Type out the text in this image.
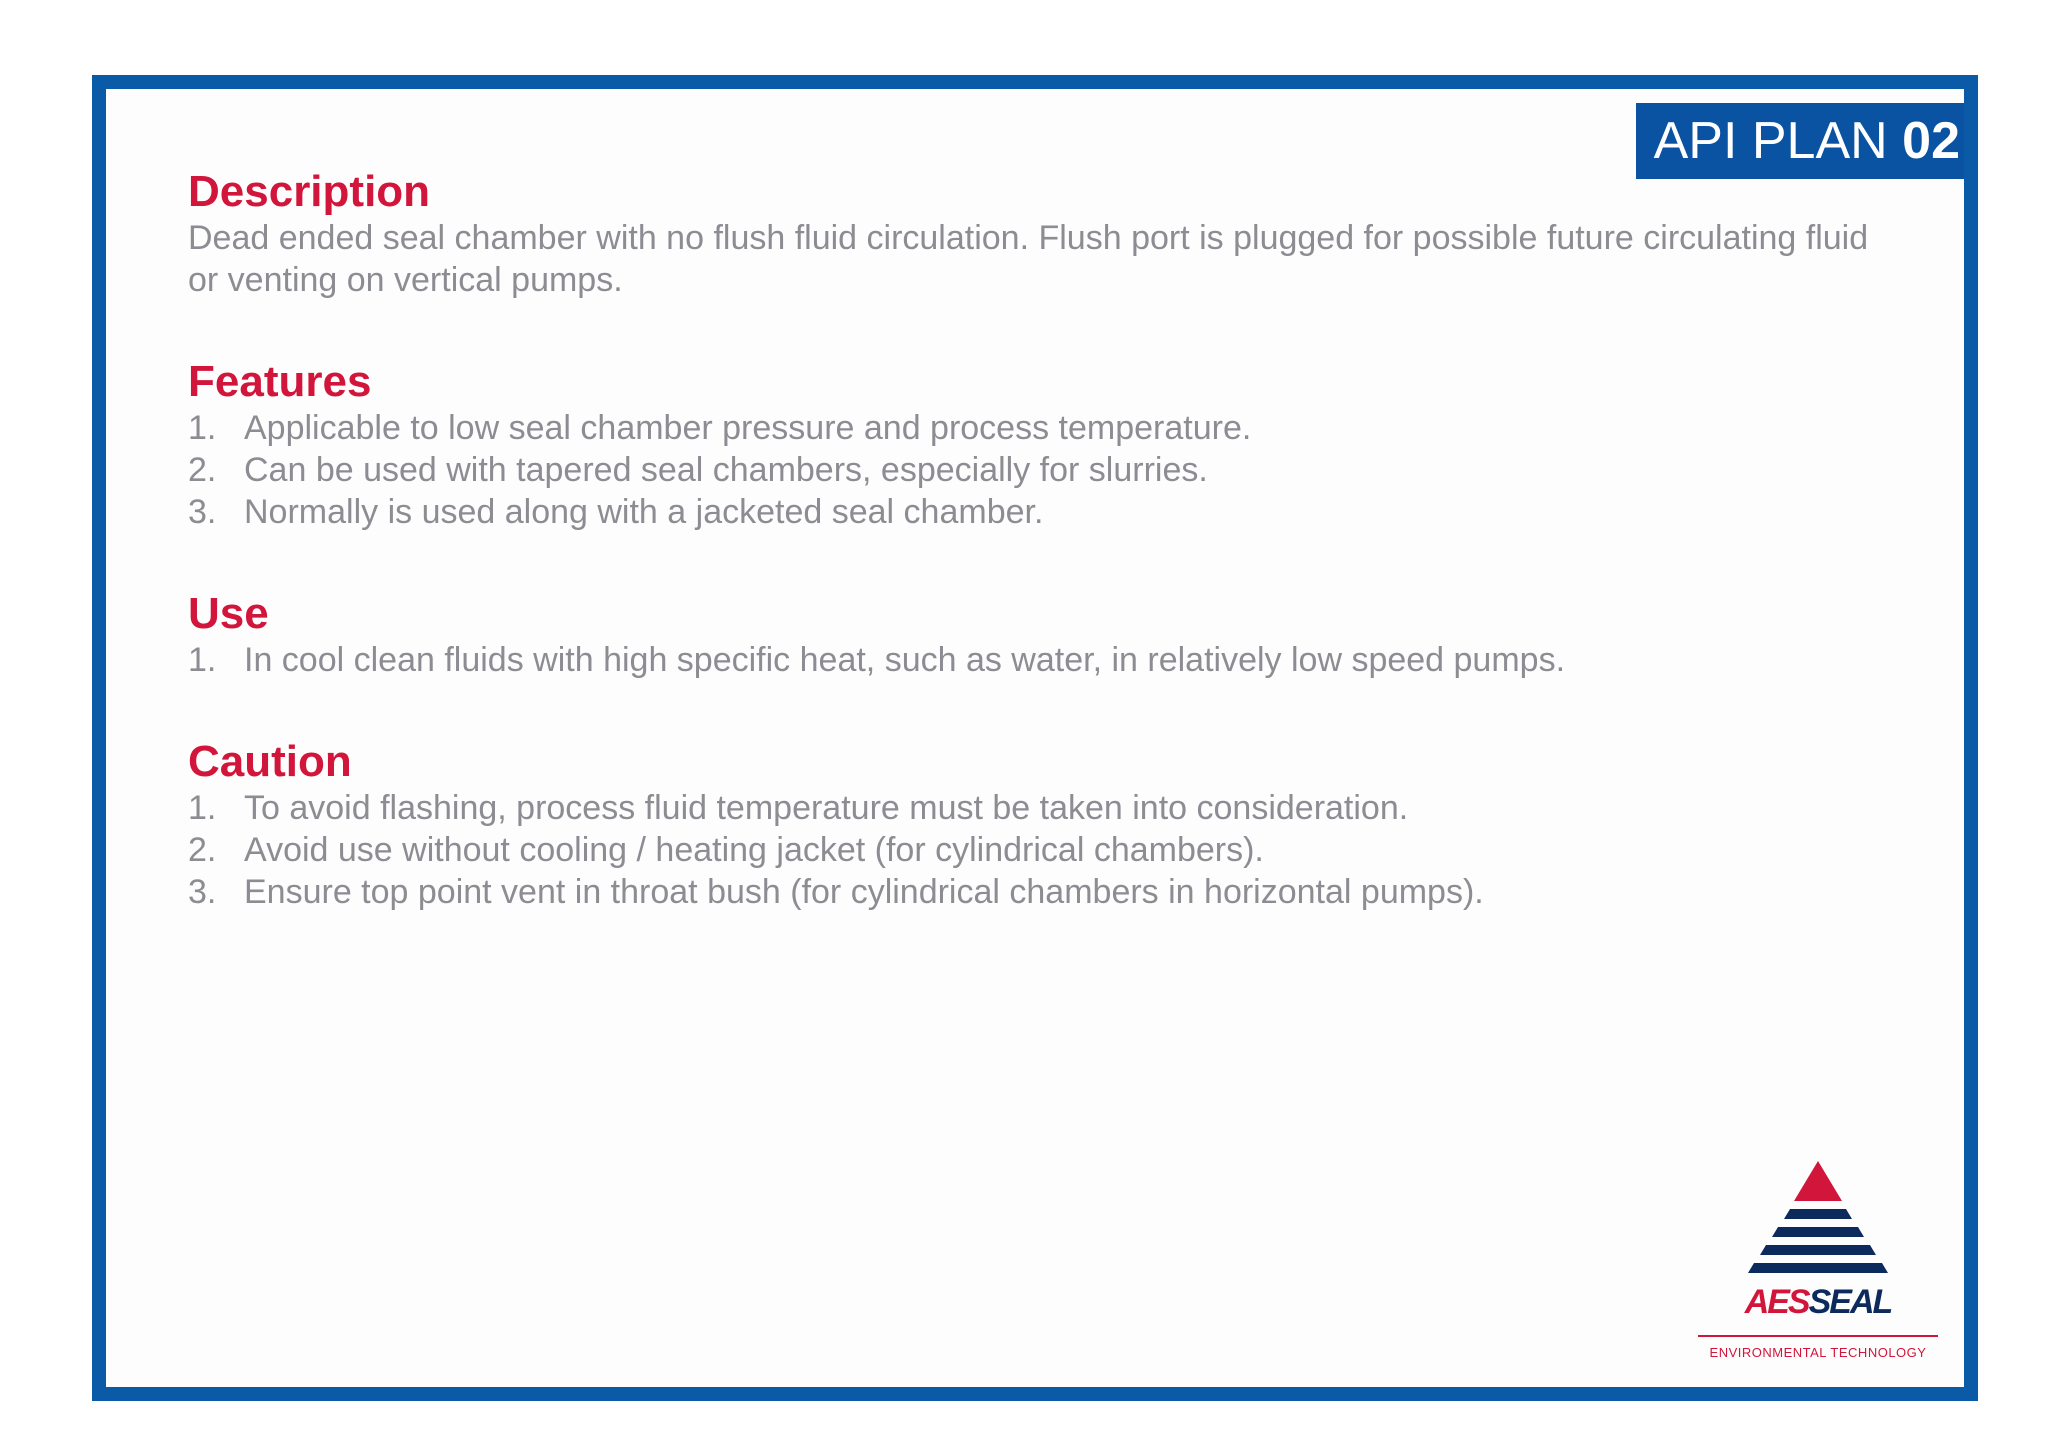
API PLAN 02
Description

Dead ended seal chamber with no flush fluid circulation. Flush port is plugged for possible future circulating fluid or venting on vertical pumps.

Features
1. Applicable to low seal chamber pressure and process temperature.
2. Can be used with tapered seal chambers, especially for slurries.
3. Normally is used along with a jacketed seal chamber.
Use
1. In cool clean fluids with high specific heat, such as water, in relatively low speed pumps.
Caution
1. To avoid flashing, process fluid temperature must be taken into consideration.
2. Avoid use without cooling / heating jacket (for cylindrical chambers).
3. Ensure top point vent in throat bush (for cylindrical chambers in horizontal pumps).
AESSEAL
ENVIRONMENTAL TECHNOLOGY
